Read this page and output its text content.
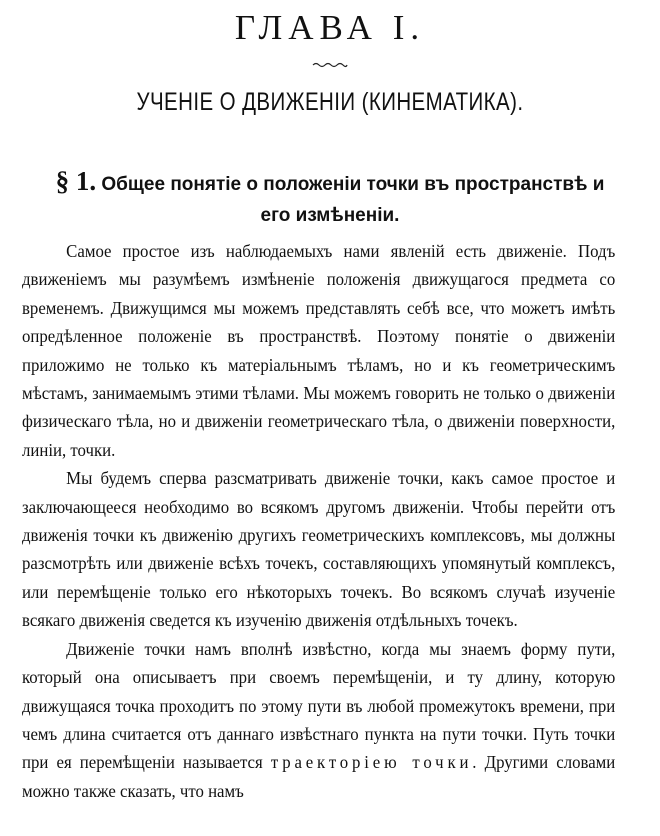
ГЛАВА I.
УЧЕНІЕ О ДВИЖЕНІИ (КИНЕМАТИКА).
§ 1. Общее понятіе о положеніи точки въ пространствѣ и его измѣненіи.

Самое простое изъ наблюдаемыхъ нами явленій есть движеніе. Подъ движеніемъ мы разумѣемъ измѣненіе положенія движущагося предмета со временемъ. Движущимся мы можемъ представлять себѣ все, что можетъ имѣть опредѣленное положеніе въ пространствѣ. Поэтому понятіе о движеніи приложимо не только къ матеріальнымъ тѣламъ, но и къ геометрическимъ мѣстамъ, занимаемымъ этими тѣлами. Мы можемъ говорить не только о движеніи физическаго тѣла, но и движеніи геометрическаго тѣла, о движеніи поверхности, линіи, точки.

Мы будемъ сперва разсматривать движеніе точки, какъ самое простое и заключающееся необходимо во всякомъ другомъ движеніи. Чтобы перейти отъ движенія точки къ движенію другихъ геометрическихъ комплексовъ, мы должны разсмотрѣть или движеніе всѣхъ точекъ, составляющихъ упомянутый комплексъ, или перемѣщеніе только его нѣкоторыхъ точекъ. Во всякомъ случаѣ изученіе всякаго движенія сведется къ изученію движенія отдѣльныхъ точекъ.

Движеніе точки намъ вполнѣ извѣстно, когда мы знаемъ форму пути, который она описываетъ при своемъ перемѣщеніи, и ту длину, которую движущаяся точка проходитъ по этому пути въ любой промежутокъ времени, при чемъ длина считается отъ даннаго извѣстнаго пункта на пути точки. Путь точки при ея перемѣщеніи называется траекторіею точки. Другими словами можно также сказать, что намъ
